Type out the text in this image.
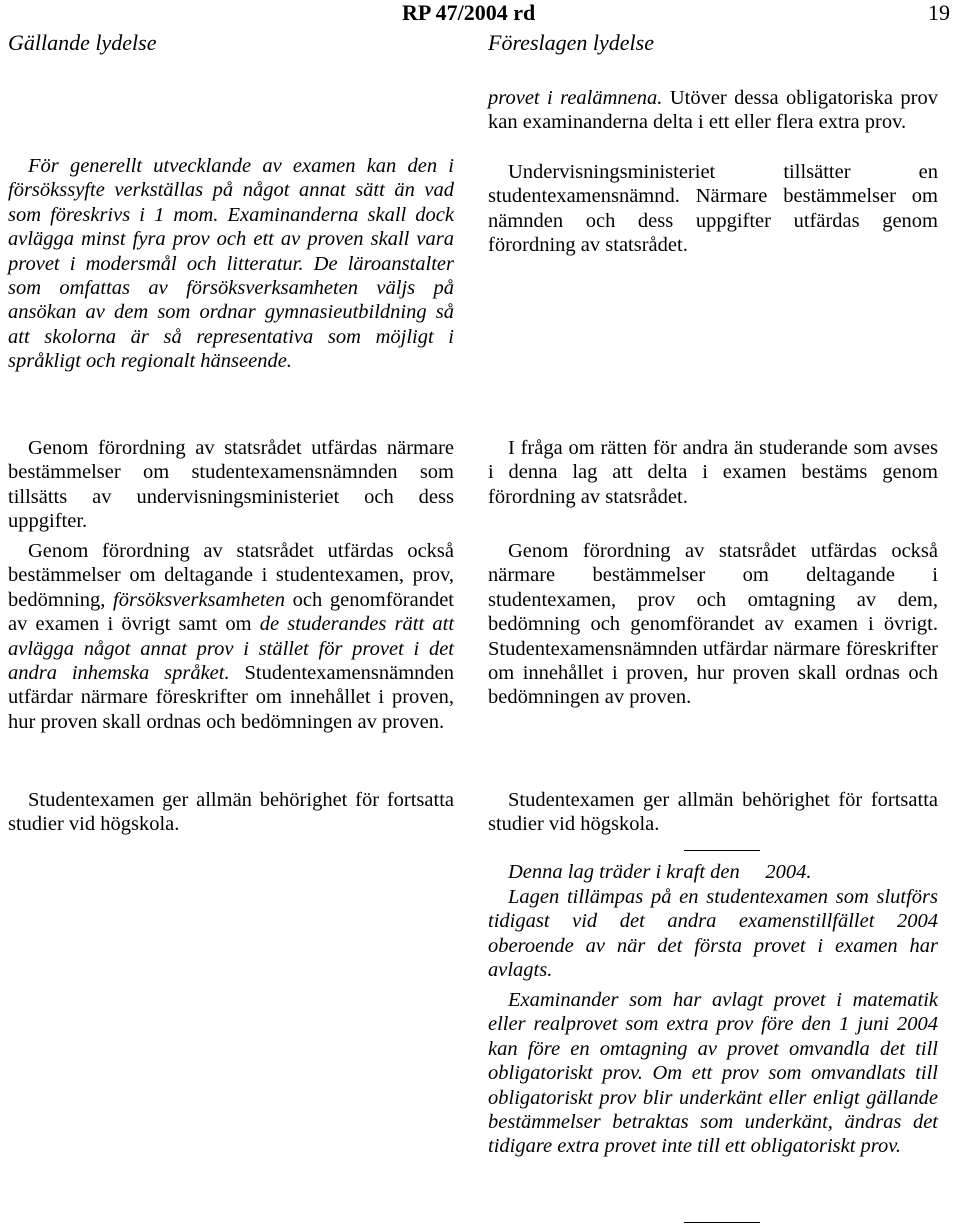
Gällande lydelse
RP 47/2004 rd
Föreslagen lydelse
19

För generellt utvecklande av examen kan den i försökssyfte verkställas på något annat sätt än vad som föreskrivs i 1 mom. Examinanderna skall dock avlägga minst fyra prov och ett av proven skall vara provet i modersmål och litteratur. De läroanstalter som omfattas av försöksverksamheten väljs på ansökan av dem som ordnar gymnasieutbildning så att skolorna är så representativa som möjligt i språkligt och regionalt hänseende.

Genom förordning av statsrådet utfärdas närmare bestämmelser om studentexamensnämnden som tillsätts av undervisningsministeriet och dess uppgifter.

Genom förordning av statsrådet utfärdas också bestämmelser om deltagande i studentexamen, prov, bedömning, försöksverksamheten och genomförandet av examen i övrigt samt om de studerandes rätt att avlägga något annat prov i stället för provet i det andra inhemska språket. Studentexamensnämnden utfärdar närmare föreskrifter om innehållet i proven, hur proven skall ordnas och bedömningen av proven.

Studentexamen ger allmän behörighet för fortsatta studier vid högskola.

provet i realämnena. Utöver dessa obligatoriska prov kan examinanderna delta i ett eller flera extra prov.

Undervisningsministeriet tillsätter en studentexamensnämnd. Närmare bestämmelser om nämnden och dess uppgifter utfärdas genom förordning av statsrådet.

I fråga om rätten för andra än studerande som avses i denna lag att delta i examen bestäms genom förordning av statsrådet.

Genom förordning av statsrådet utfärdas också närmare bestämmelser om deltagande i studentexamen, prov och omtagning av dem, bedömning och genomförandet av examen i övrigt. Studentexamensnämnden utfärdar närmare föreskrifter om innehållet i proven, hur proven skall ordnas och bedömningen av proven.

Studentexamen ger allmän behörighet för fortsatta studier vid högskola.

Denna lag träder i kraft den     2004.

Lagen tillämpas på en studentexamen som slutförs tidigast vid det andra examenstillfället 2004 oberoende av när det första provet i examen har avlagts.

Examinander som har avlagt provet i matematik eller realprovet som extra prov före den 1 juni 2004 kan före en omtagning av provet omvandla det till obligatoriskt prov. Om ett prov som omvandlats till obligatoriskt prov blir underkänt eller enligt gällande bestämmelser betraktas som underkänt, ändras det tidigare extra provet inte till ett obligatoriskt prov.
